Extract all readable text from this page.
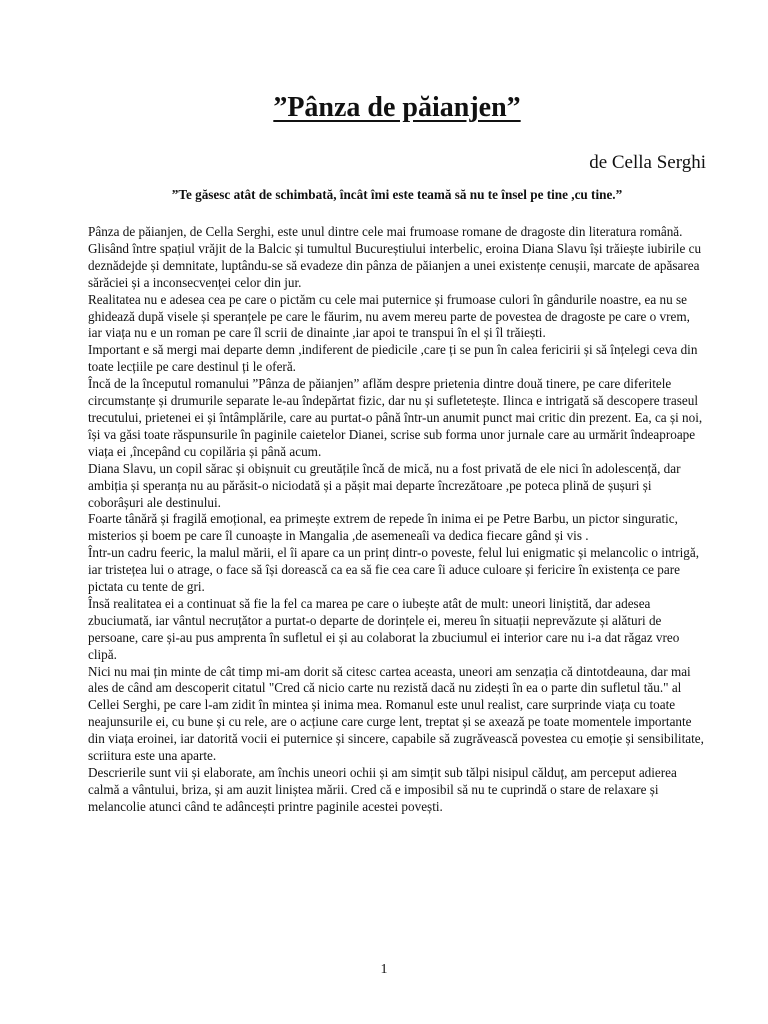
”Pânza de păianjen”

de Cella Serghi

”Te găsesc atât de schimbată, încât îmi este teamă să nu te însel pe tine ,cu tine.”

Pânza de păianjen, de Cella Serghi, este unul dintre cele mai frumoase romane de dragoste din literatura română.

Glisând între spațiul vrăjit de la Balcic și tumultul Bucureștiului interbelic, eroina Diana Slavu își trăiește iubirile cu deznădejde și demnitate, luptându-se să evadeze din pânza de păianjen a unei existențe cenușii, marcate de apăsarea sărăciei și a inconsecvenței celor din jur.

Realitatea nu e adesea cea pe care o pictăm cu cele mai puternice și frumoase culori în gândurile noastre, ea nu se ghidează după visele și speranțele pe care le făurim, nu avem mereu parte de povestea de dragoste pe care o vrem, iar viața nu e un roman pe care îl scrii de dinainte ,iar apoi te transpui în el și îl trăiești.

Important e să mergi mai departe demn ,indiferent de piedicile ,care ți se pun în calea fericirii și să înțelegi ceva din toate lecțiile pe care destinul ți le oferă.

Încă de la începutul romanului ”Pânza de păianjen” aflăm despre prietenia dintre două tinere, pe care diferitele circumstanțe și drumurile separate le-au îndepărtat fizic, dar nu și sufletetește. Ilinca e intrigată să descopere traseul trecutului, prietenei ei și întâmplările, care au purtat-o până într-un anumit punct mai critic din prezent. Ea, ca și noi, își va găsi toate răspunsurile în paginile caietelor Dianei, scrise sub forma unor jurnale care au urmărit îndeaproape viața ei ,începând cu copilăria și până acum.

Diana Slavu, un copil sărac și obișnuit cu greutățile încă de mică, nu a fost privată de ele nici în adolescență, dar ambiția și speranța nu au părăsit-o niciodată și a pășit mai departe încrezătoare ,pe poteca plină de șușuri și coborâșuri ale destinului.

Foarte tânără și fragilă emoțional, ea primește extrem de repede în inima ei pe Petre Barbu, un pictor singuratic, misterios și boem pe care îl cunoaște in Mangalia ,de asemeneaîi va dedica fiecare gând și vis .

Într-un cadru feeric, la malul mării, el îi apare ca un prinț dintr-o poveste, felul lui enigmatic și melancolic o intrigă, iar tristețea lui o atrage, o face să își dorească ca ea să fie cea care îi aduce culoare și fericire în existența ce pare pictata cu tente de gri.

Însă realitatea ei a continuat să fie la fel ca marea pe care o iubește atât de mult: uneori liniștită, dar adesea zbuciumată, iar vântul necruțător a purtat-o departe de dorințele ei, mereu în situații neprevăzute și alături de persoane, care și-au pus amprenta în sufletul ei și au colaborat la zbuciumul ei interior care nu i-a dat răgaz vreo clipă.

Nici nu mai țin minte de cât timp mi-am dorit să citesc cartea aceasta, uneori am senzația că dintotdeauna, dar mai ales de când am descoperit citatul "Cred că nicio carte nu rezistă dacă nu zidești în ea o parte din sufletul tău." al Cellei Serghi, pe care l-am zidit în mintea și inima mea. Romanul este unul realist, care surprinde viața cu toate neajunsurile ei, cu bune și cu rele, are o acțiune care curge lent, treptat și se axează pe toate momentele importante din viața eroinei, iar datorită vocii ei puternice și sincere, capabile să zugrăvească povestea cu emoție și sensibilitate, scriitura este una aparte.

Descrierile sunt vii și elaborate, am închis uneori ochii și am simțit sub tălpi nisipul călduț, am perceput adierea calmă a vântului, briza, și am auzit liniștea mării. Cred că e imposibil să nu te cuprindă o stare de relaxare și melancolie atunci când te adâncești printre paginile acestei povești.

1
